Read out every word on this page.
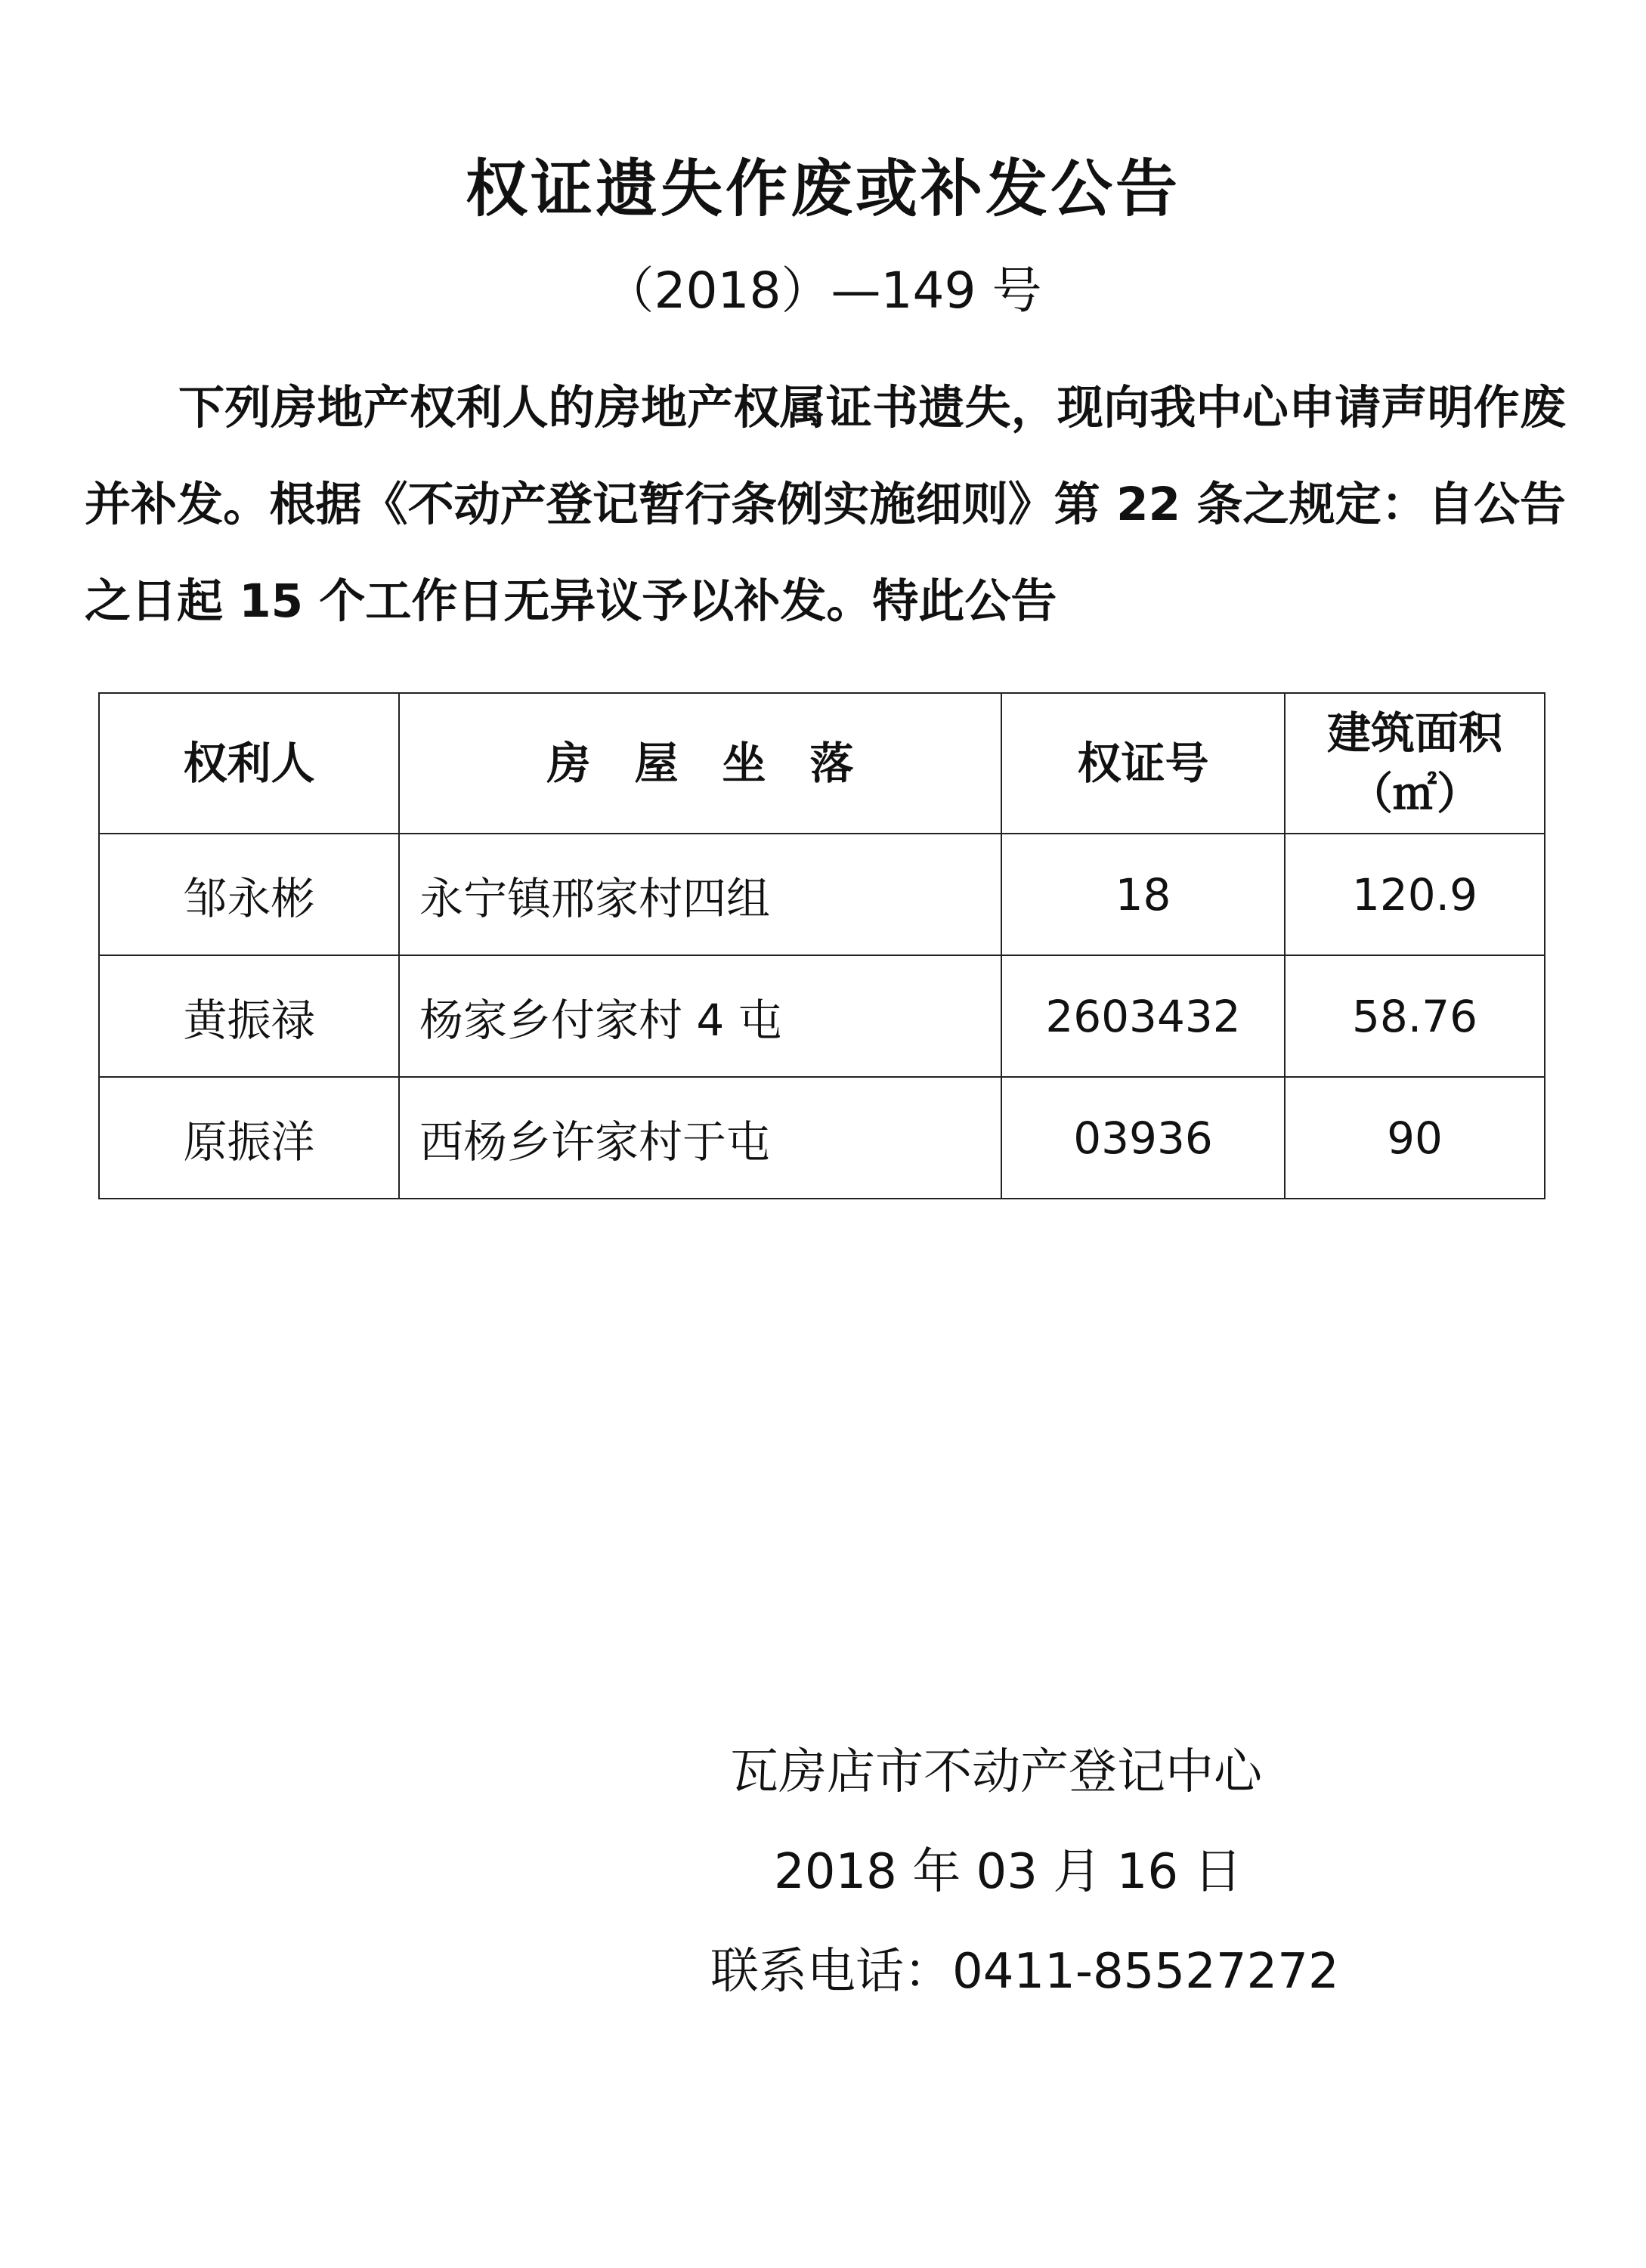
权证遗失作废或补发公告
（2018）—149 号
下列房地产权利人的房地产权属证书遗失，现向我中心申请声明作废并补发。根据《不动产登记暂行条例实施细则》第 22 条之规定：自公告之日起 15 个工作日无异议予以补发。特此公告
权利人	房　屋　坐　落	权证号	建筑面积
（㎡）

邹永彬	永宁镇邢家村四组	18	120.9
黄振禄	杨家乡付家村 4 屯	2603432	58.76
原振洋	西杨乡许家村于屯	03936	90
瓦房店市不动产登记中心
2018 年 03 月 16 日
联系电话：0411-85527272
